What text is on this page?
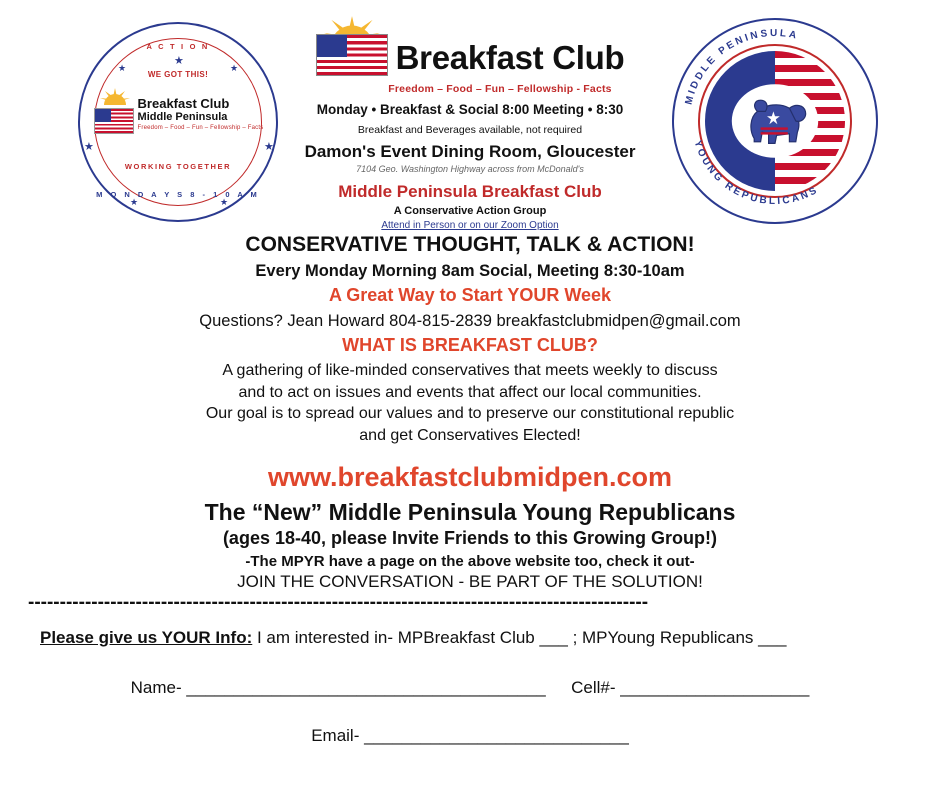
★
★	★
★	★
★	★
A C T I O N
WE GOT THIS!
Breakfast Club
Middle Peninsula
Freedom – Food – Fun – Fellowship – Facts
WORKING TOGETHER
M O N D A Y S 8 - 1 0 A M
Breakfast Club
Freedom – Food – Fun – Fellowship - Facts
Monday • Breakfast & Social 8:00 Meeting • 8:30
Breakfast and Beverages available, not required
Damon's Event Dining Room, Gloucester
7104 Geo. Washington Highway across from McDonald's
Middle Peninsula Breakfast Club
A Conservative Action Group
Attend in Person or on our Zoom Option
MIDDLE PENINSULA
YOUNG REPUBLICANS
CONSERVATIVE THOUGHT, TALK & ACTION!
Every Monday Morning 8am Social, Meeting 8:30-10am
A Great Way to Start YOUR Week
Questions? Jean Howard 804-815-2839 breakfastclubmidpen@gmail.com
WHAT IS BREAKFAST CLUB?
A gathering of like-minded conservatives that meets weekly to discuss
and to act on issues and events that affect our local communities.
Our goal is to spread our values and to preserve our constitutional republic
and get Conservatives Elected!
www.breakfastclubmidpen.com
The “New” Middle Peninsula Young Republicans
(ages 18-40, please Invite Friends to this Growing Group!)
-The MPYR have a page on the above website too, check it out-
JOIN THE CONVERSATION - BE PART OF THE SOLUTION!
--------------------------------------------------------------------------------------------------
Please give us YOUR Info: I am interested in- MPBreakfast Club ___ ; MPYoung Republicans ___
Name- ______________________________________ Cell#- ____________________
Email- ____________________________
